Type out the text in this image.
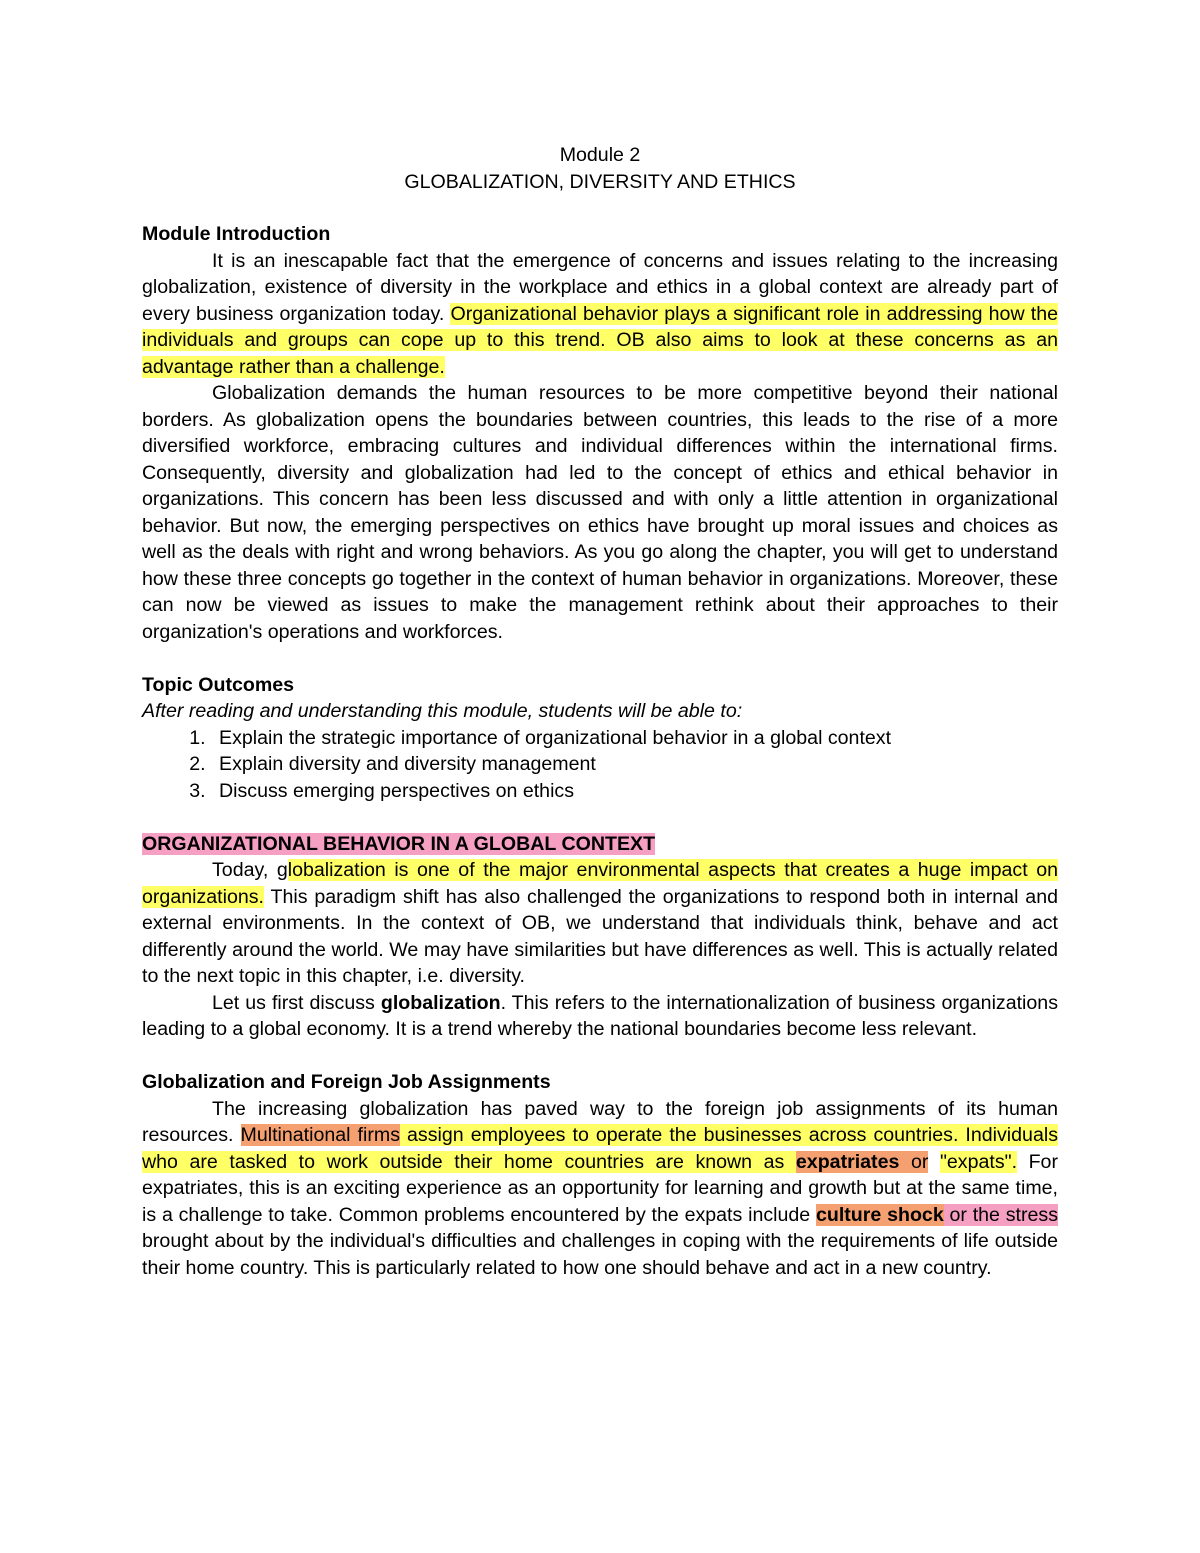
Module 2

GLOBALIZATION, DIVERSITY AND ETHICS

Module Introduction

It is an inescapable fact that the emergence of concerns and issues relating to the increasing globalization, existence of diversity in the workplace and ethics in a global context are already part of every business organization today. Organizational behavior plays a significant role in addressing how the individuals and groups can cope up to this trend. OB also aims to look at these concerns as an advantage rather than a challenge.

Globalization demands the human resources to be more competitive beyond their national borders. As globalization opens the boundaries between countries, this leads to the rise of a more diversified workforce, embracing cultures and individual differences within the international firms. Consequently, diversity and globalization had led to the concept of ethics and ethical behavior in organizations. This concern has been less discussed and with only a little attention in organizational behavior. But now, the emerging perspectives on ethics have brought up moral issues and choices as well as the deals with right and wrong behaviors. As you go along the chapter, you will get to understand how these three concepts go together in the context of human behavior in organizations. Moreover, these can now be viewed as issues to make the management rethink about their approaches to their organization's operations and workforces.

Topic Outcomes

After reading and understanding this module, students will be able to:

1. Explain the strategic importance of organizational behavior in a global context
2. Explain diversity and diversity management
3. Discuss emerging perspectives on ethics
ORGANIZATIONAL BEHAVIOR IN A GLOBAL CONTEXT

Today, globalization is one of the major environmental aspects that creates a huge impact on organizations. This paradigm shift has also challenged the organizations to respond both in internal and external environments. In the context of OB, we understand that individuals think, behave and act differently around the world. We may have similarities but have differences as well. This is actually related to the next topic in this chapter, i.e. diversity.

Let us first discuss globalization. This refers to the internationalization of business organizations leading to a global economy. It is a trend whereby the national boundaries become less relevant.

Globalization and Foreign Job Assignments

The increasing globalization has paved way to the foreign job assignments of its human resources. Multinational firms assign employees to operate the businesses across countries. Individuals who are tasked to work outside their home countries are known as expatriates or "expats". For expatriates, this is an exciting experience as an opportunity for learning and growth but at the same time, is a challenge to take. Common problems encountered by the expats include culture shock or the stress brought about by the individual's difficulties and challenges in coping with the requirements of life outside their home country. This is particularly related to how one should behave and act in a new country.
